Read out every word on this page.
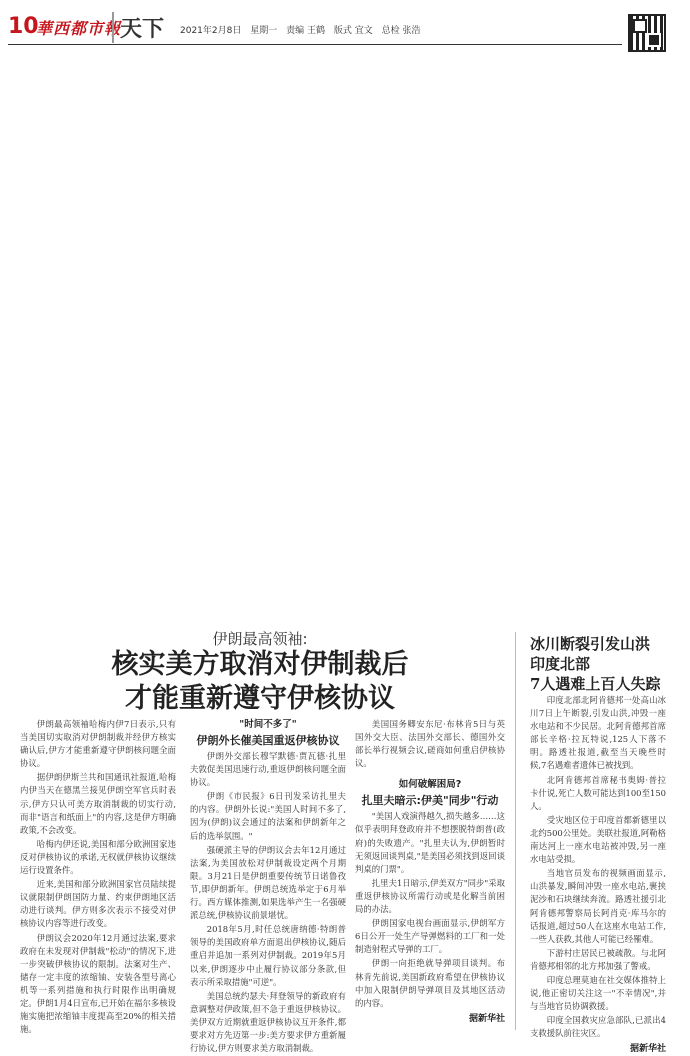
10
華西都市報
天下 2021年2月8日 星期一 责编 王鹤 版式 宜文 总检 张浩
伊朗最高领袖:
核实美方取消对伊制裁后
才能重新遵守伊核协议

伊朗最高领袖哈梅内伊7日表示,只有当美国切实取消对伊朗制裁并经伊方核实确认后,伊方才能重新遵守伊朗核问题全面协议。

据伊朗伊斯兰共和国通讯社报道,哈梅内伊当天在德黑兰接见伊朗空军官兵时表示,伊方只认可美方取消制裁的切实行动,而非"语言和纸面上"的内容,这是伊方明确政策,不会改变。

哈梅内伊还说,美国和部分欧洲国家违反对伊核协议的承诺,无权就伊核协议继续运行设置条件。

近来,美国和部分欧洲国家官员陆续提议就限制伊朗国防力量、约束伊朗地区活动进行谈判。伊方则多次表示不接受对伊核协议内容等进行改变。

伊朗议会2020年12月通过法案,要求政府在未发现对伊制裁"松动"的情况下,进一步突破伊核协议的限制。法案对生产、储存一定丰度的浓缩铀、安装各型号离心机等一系列措施和执行时限作出明确规定。伊朗1月4日宣布,已开始在福尔多核设施实施把浓缩铀丰度提高至20%的相关措施。

"时间不多了"

伊朗外长催美国重返伊核协议

伊朗外交部长穆罕默德·贾瓦德·扎里夫敦促美国迅速行动,重返伊朗核问题全面协议。

伊朗《市民报》6日刊发采访扎里夫的内容。伊朗外长说:"美国人时间不多了,因为(伊朗)议会通过的法案和伊朗新年之后的选举氛围。"

强硬派主导的伊朗议会去年12月通过法案,为美国放松对伊制裁设定两个月期限。3月21日是伊朗重要传统节日诺鲁孜节,即伊朗新年。伊朗总统选举定于6月举行。西方媒体推测,如果选举产生一名强硬派总统,伊核协议前景堪忧。

2018年5月,时任总统唐纳德·特朗普领导的美国政府单方面退出伊核协议,随后重启并追加一系列对伊制裁。2019年5月以来,伊朗逐步中止履行协议部分条款,但表示所采取措施"可逆"。

美国总统约瑟夫·拜登领导的新政府有意调整对伊政策,但不急于重返伊核协议。美伊双方近期就重返伊核协议互开条件,都要求对方先迈第一步:美方要求伊方重新履行协议,伊方则要求美方取消制裁。

美国国务卿安东尼·布林肯5日与英国外交大臣、法国外交部长、德国外交部长举行视频会议,磋商如何重启伊核协议。

如何破解困局?

扎里夫暗示:伊美"同步"行动

"美国人戏演得越久,损失越多……这似乎表明拜登政府并不想摆脱特朗普(政府)的失败遗产。"扎里夫认为,伊朗暂时无须返回谈判桌,"是美国必须找到返回谈判桌的门票"。

扎里夫1日暗示,伊美双方"同步"采取重返伊核协议所需行动或是化解当前困局的办法。

伊朗国家电视台画面显示,伊朗军方6日公开一处生产导弹燃料的工厂和一处制造射程式导弹的工厂。

伊朗一向拒绝就导弹项目谈判。布林肯先前说,美国新政府希望在伊核协议中加入限制伊朗导弹项目及其地区活动的内容。

据新华社

冰川断裂引发山洪
印度北部
7人遇难上百人失踪

印度北部北阿肯德邦一处高山冰川7日上午断裂,引发山洪,冲毁一座水电站和不少民居。北阿肯德邦首席部长辛格·拉瓦特说,125人下落不明。路透社报道,截至当天晚些时候,7名遇难者遗体已被找到。

北阿肯德邦首席秘书奥姆·普拉卡什说,死亡人数可能达到100至150人。

受灾地区位于印度首都新德里以北约500公里处。美联社报道,阿勒格南达河上一座水电站被冲毁,另一座水电站受损。

当地官员发布的视频画面显示,山洪暴发,瞬间冲毁一座水电站,裹挟泥沙和石块继续奔流。路透社援引北阿肯德邦警察局长阿肖克·库马尔的话报道,超过50人在这座水电站工作,一些人获救,其他人可能已经罹难。

下游村庄居民已被疏散。与北阿肯德邦相邻的北方邦加强了警戒。

印度总理莫迪在社交媒体推特上说,他正密切关注这一"不幸情况",并与当地官员协调救援。

印度全国救灾应急部队,已派出4支救援队前往灾区。

据新华社
